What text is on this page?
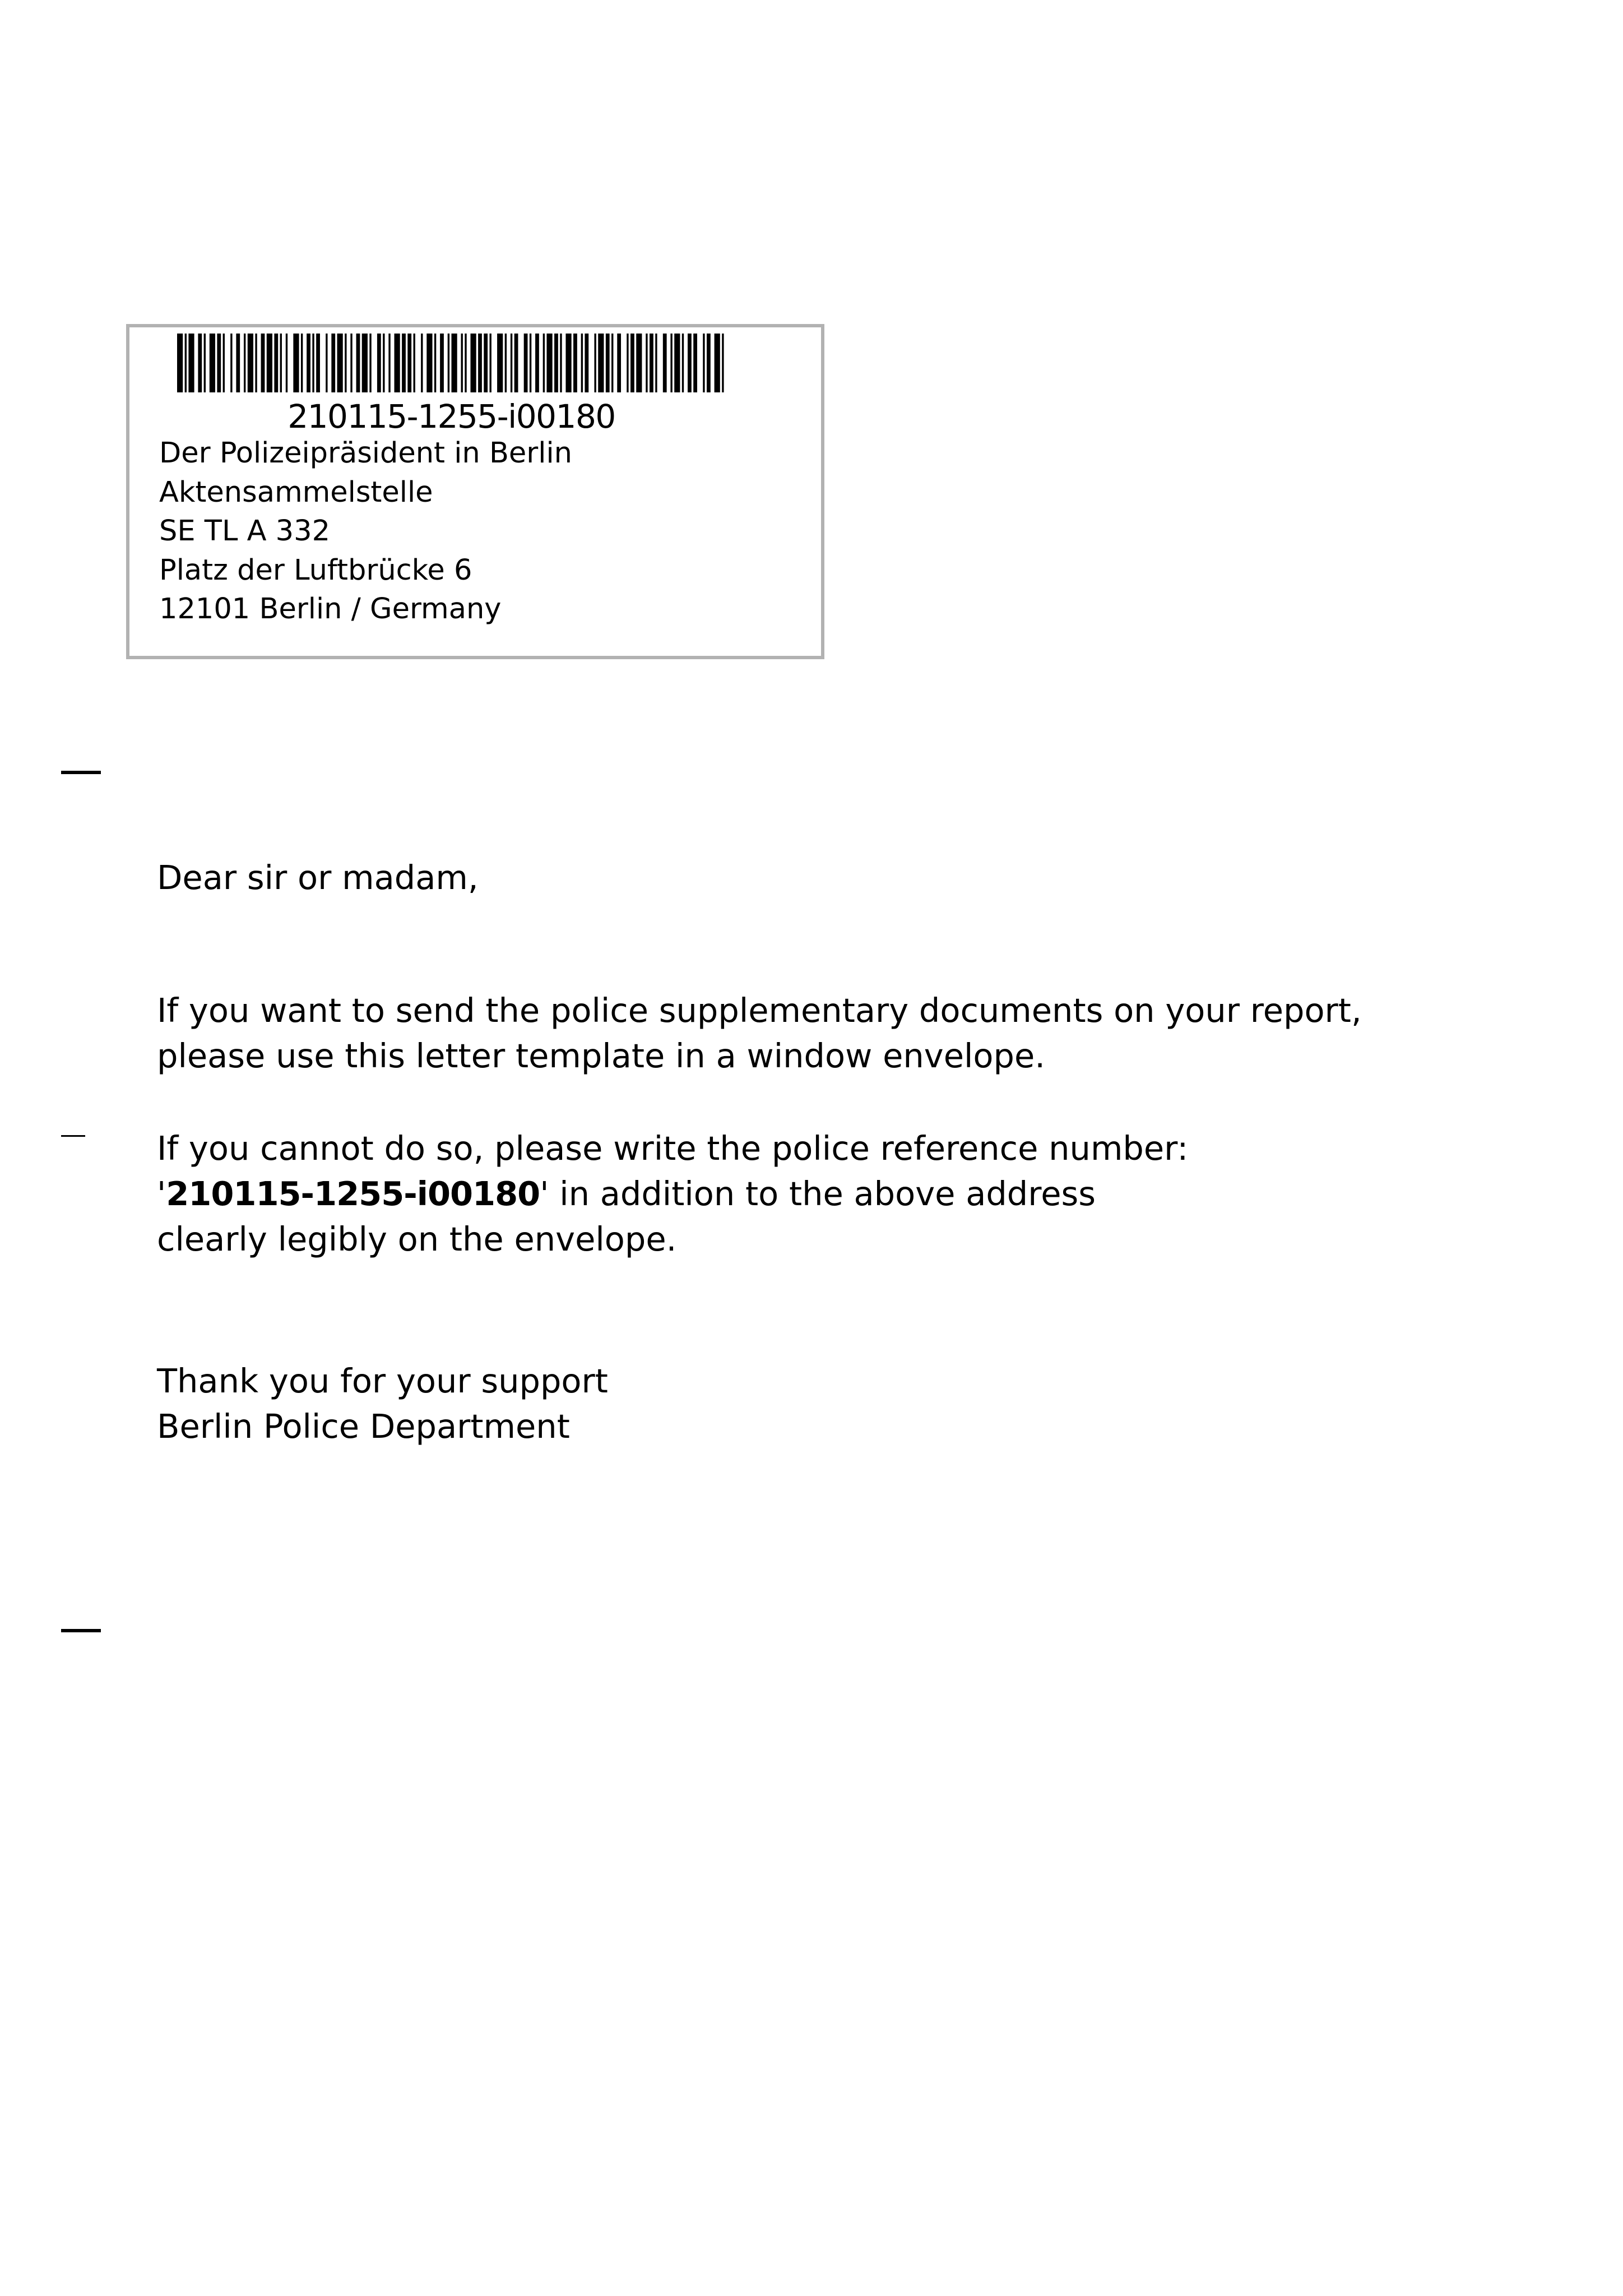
210115-1255-i00180
Der Polizeipräsident in Berlin
Aktensammelstelle
SE TL A 332
Platz der Luftbrücke 6
12101 Berlin / Germany
Dear sir or madam,
If you want to send the police supplementary documents on your report,
please use this letter template in a window envelope.
If you cannot do so, please write the police reference number:
'210115-1255-i00180' in addition to the above address
clearly legibly on the envelope.
Thank you for your support
Berlin Police Department
